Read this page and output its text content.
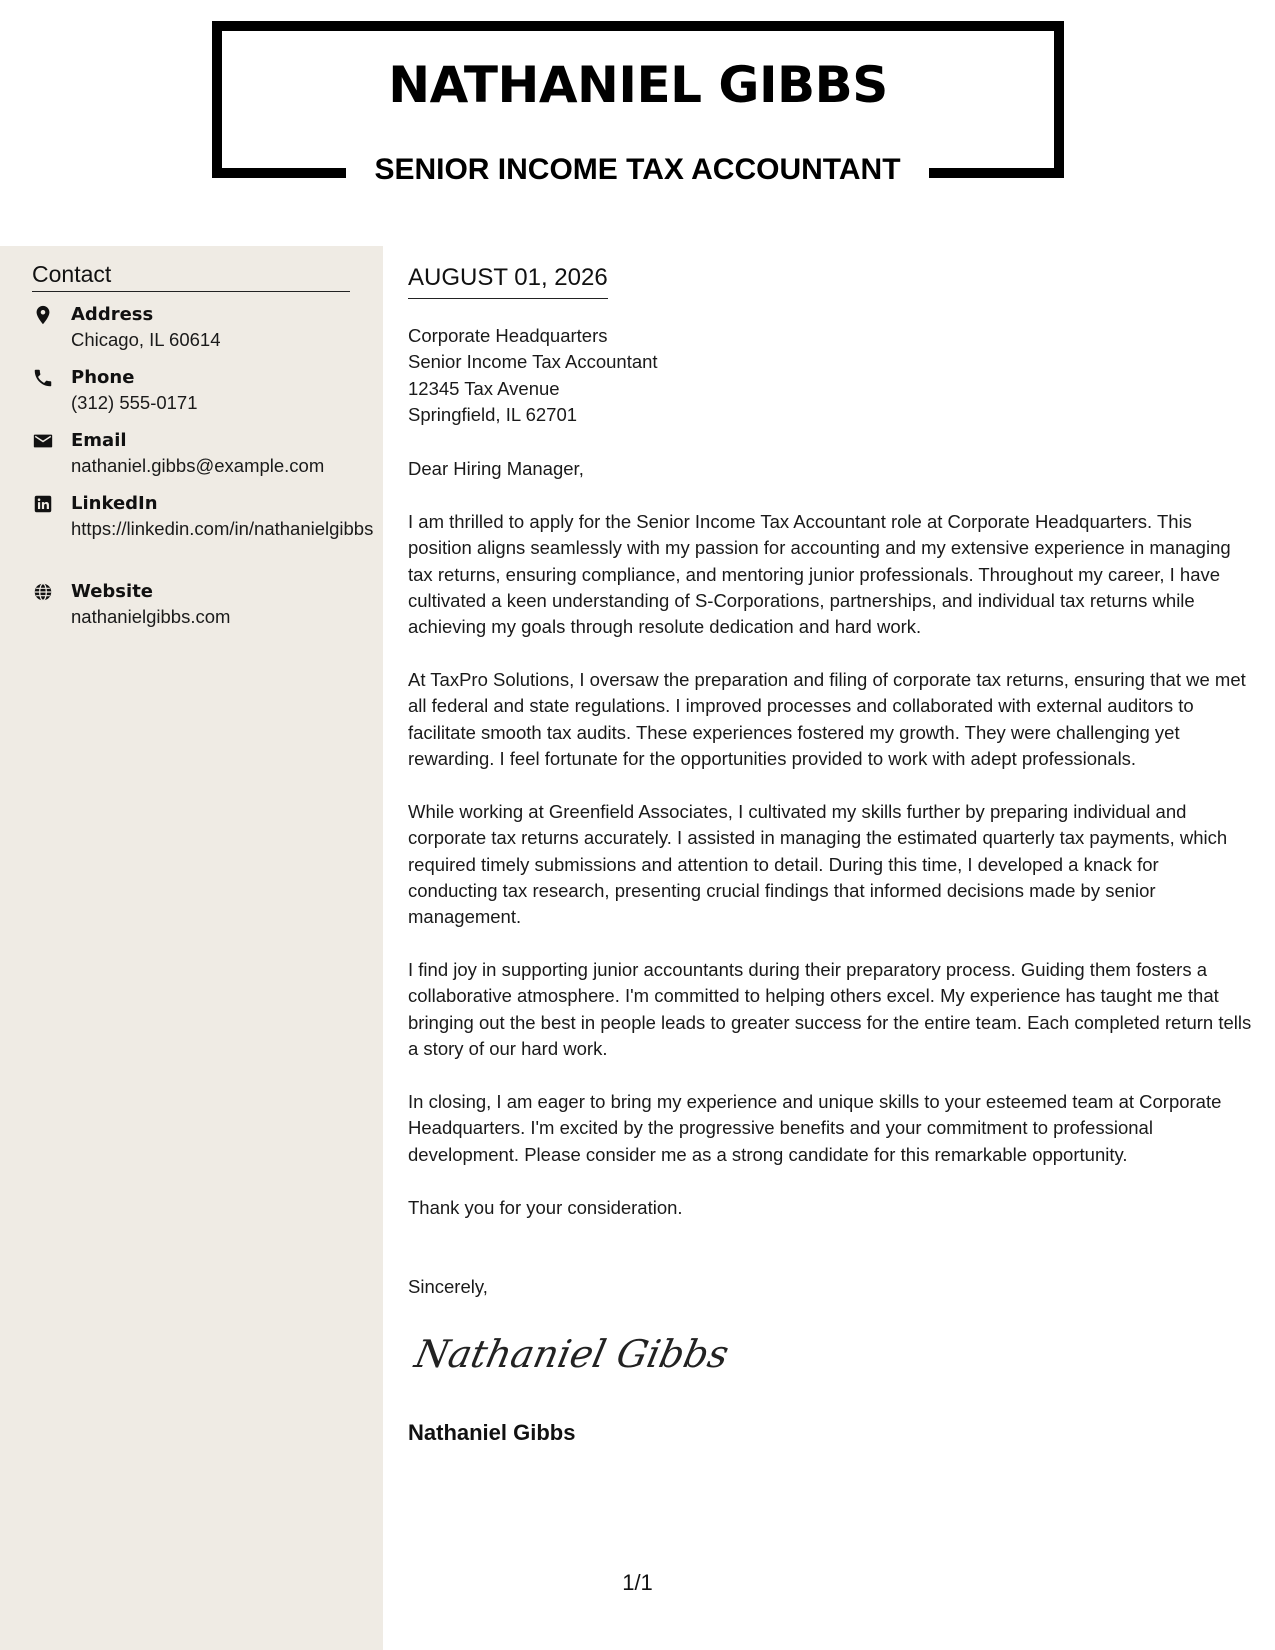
NATHANIEL GIBBS
SENIOR INCOME TAX ACCOUNTANT
Contact
Address
Chicago, IL 60614
Phone
(312) 555-0171
Email
nathaniel.gibbs@example.com
LinkedIn
https://linkedin.com/in/nathanielgibbs
Website
nathanielgibbs.com
AUGUST 01, 2026
Corporate Headquarters
Senior Income Tax Accountant
12345 Tax Avenue
Springfield, IL 62701
Dear Hiring Manager,

I am thrilled to apply for the Senior Income Tax Accountant role at Corporate Headquarters. This position aligns seamlessly with my passion for accounting and my extensive experience in managing tax returns, ensuring compliance, and mentoring junior professionals. Throughout my career, I have cultivated a keen understanding of S-Corporations, partnerships, and individual tax returns while achieving my goals through resolute dedication and hard work.

At TaxPro Solutions, I oversaw the preparation and filing of corporate tax returns, ensuring that we met all federal and state regulations. I improved processes and collaborated with external auditors to facilitate smooth tax audits. These experiences fostered my growth. They were challenging yet rewarding. I feel fortunate for the opportunities provided to work with adept professionals.

While working at Greenfield Associates, I cultivated my skills further by preparing individual and corporate tax returns accurately. I assisted in managing the estimated quarterly tax payments, which required timely submissions and attention to detail. During this time, I developed a knack for conducting tax research, presenting crucial findings that informed decisions made by senior management.

I find joy in supporting junior accountants during their preparatory process. Guiding them fosters a collaborative atmosphere. I'm committed to helping others excel. My experience has taught me that bringing out the best in people leads to greater success for the entire team. Each completed return tells a story of our hard work.

In closing, I am eager to bring my experience and unique skills to your esteemed team at Corporate Headquarters. I'm excited by the progressive benefits and your commitment to professional development. Please consider me as a strong candidate for this remarkable opportunity.

Thank you for your consideration.

Sincerely,
Nathaniel Gibbs
Nathaniel Gibbs
1/1
